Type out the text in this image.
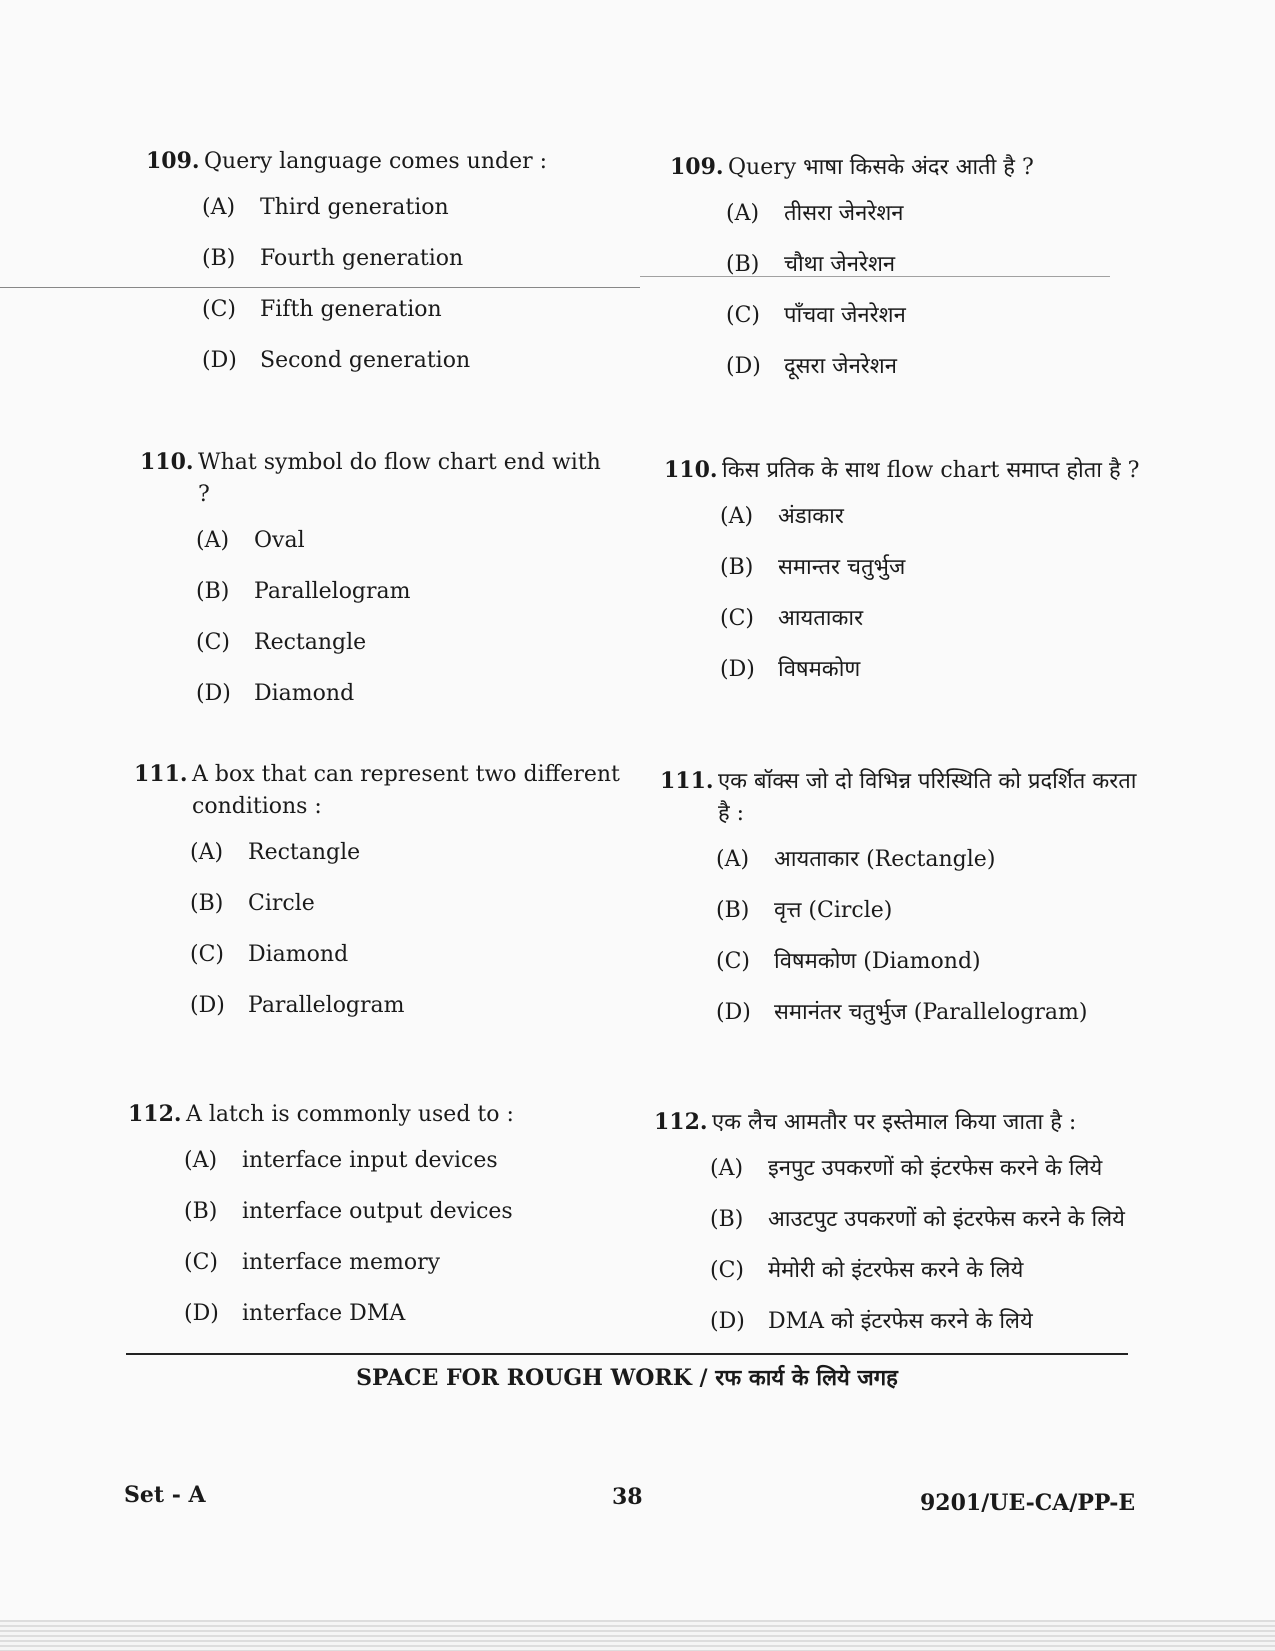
109. Query language comes under :
(A)	Third generation
(B)	Fourth generation
(C)	Fifth generation
(D)	Second generation
109. Query भाषा किसके अंदर आती है ?
(A)	तीसरा जेनरेशन
(B)	चौथा जेनरेशन
(C)	पाँचवा जेनरेशन
(D)	दूसरा जेनरेशन
110. What symbol do flow chart end with ?
(A)	Oval
(B)	Parallelogram
(C)	Rectangle
(D)	Diamond
110. किस प्रतिक के साथ flow chart समाप्त होता है ?
(A)	अंडाकार
(B)	समान्तर चतुर्भुज
(C)	आयताकार
(D)	विषमकोण
111. A box that can represent two different conditions :
(A)	Rectangle
(B)	Circle
(C)	Diamond
(D)	Parallelogram
111. एक बॉक्स जो दो विभिन्न परिस्थिति को प्रदर्शित करता है :
(A)	आयताकार (Rectangle)
(B)	वृत्त (Circle)
(C)	विषमकोण (Diamond)
(D)	समानंतर चतुर्भुज (Parallelogram)
112. A latch is commonly used to :
(A)	interface input devices
(B)	interface output devices
(C)	interface memory
(D)	interface DMA
112. एक लैच आमतौर पर इस्तेमाल किया जाता है :
(A)	इनपुट उपकरणों को इंटरफेस करने के लिये
(B)	आउटपुट उपकरणों को इंटरफेस करने के लिये
(C)	मेमोरी को इंटरफेस करने के लिये
(D)	DMA को इंटरफेस करने के लिये
SPACE FOR ROUGH WORK / रफ कार्य के लिये जगह
Set - A	38	9201/UE-CA/PP-E
